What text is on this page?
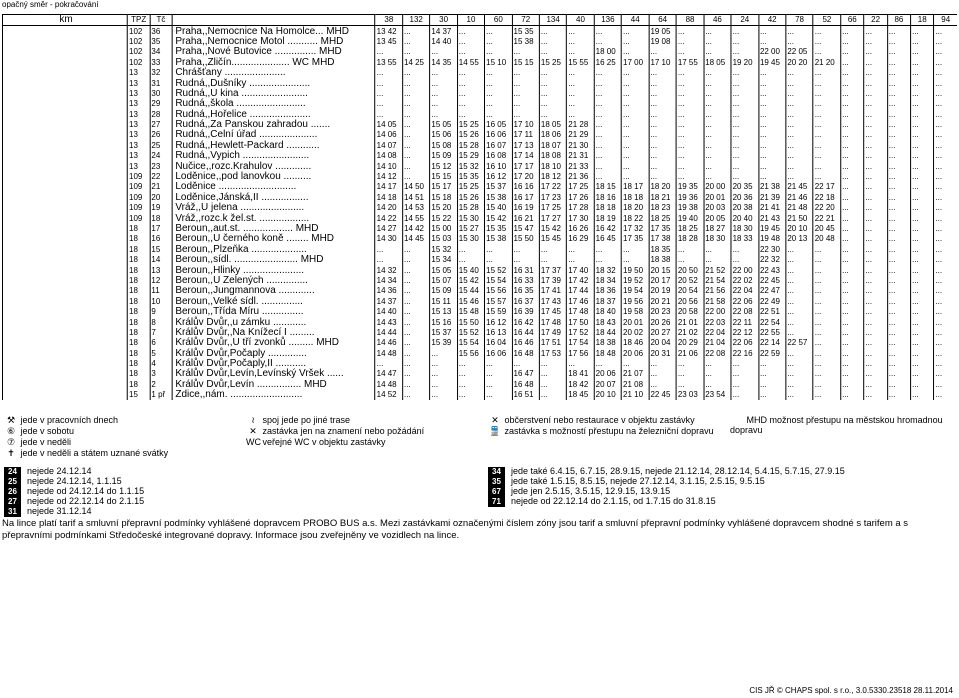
opačný směr - pokračování
km	TPZ	Tč		38	132	30	10	60	72	134	40	136	44	64	88	46	24	42	78	52	66	22	86	18	94
	102	36	Praha,,Nemocnice Na Homolce... MHD	13 42	...	14 37	...	...	15 35	...	...	...	...	19 05	...	...	...	...	...	...	...	...	...	...	...
	102	35	Praha,,Nemocnice Motol ........... MHD	13 45	...	14 40	...	...	15 38	...	...	...	...	19 08	...	...	...	...	...	...	...	...	...	...	...
	102	34	Praha,,Nové Butovice ............... MHD	...	...	...	...	...	...	...	...	18 00	...	...	...	...	...	22 00	22 05	...	...	...	...	...	...
	102	33	Praha,,Zličín..................... WC MHD	13 55	14 25	14 35	14 55	15 10	15 15	15 25	15 55	16 25	17 00	17 10	17 55	18 05	19 20	19 45	20 20	21 20	...	...	...	...	...
	13	32	Chrášťany ......................	...	...	...	...	...	...	...	...	...	...	...	...	...	...	...	...	...	...	...	...	...	...
	13	31	Rudná,,Dušníky ......................	...	...	...	...	...	...	...	...	...	...	...	...	...	...	...	...	...	...	...	...	...	...
	13	30	Rudná,,U kina ........................	...	...	...	...	...	...	...	...	...	...	...	...	...	...	...	...	...	...	...	...	...	...
	13	29	Rudná,,škola .........................	...	...	...	...	...	...	...	...	...	...	...	...	...	...	...	...	...	...	...	...	...	...
	13	28	Rudná,,Hořelice ......................	...	...	...	...	...	...	...	...	...	...	...	...	...	...	...	...	...	...	...	...	...	...
	13	27	Rudná,,Za Panskou zahradou .......	14 05	...	15 05	15 25	16 05	17 10	18 05	21 28	...	...	...	...	...	...	...	...	...	...	...	...	...	...
	13	26	Rudná,,Celní úřad .....................	14 06	...	15 06	15 26	16 06	17 11	18 06	21 29	...	...	...	...	...	...	...	...	...	...	...	...	...	...
	13	25	Rudná,,Hewlett-Packard ............	14 07	...	15 08	15 28	16 07	17 13	18 07	21 30	...	...	...	...	...	...	...	...	...	...	...	...	...	...
	13	24	Rudná,,Vypich ........................	14 08	...	15 09	15 29	16 08	17 14	18 08	21 31	...	...	...	...	...	...	...	...	...	...	...	...	...	...
	13	23	Nučice,,rozc.Krahulov .............	14 10	...	15 12	15 32	16 10	17 17	18 10	21 33	...	...	...	...	...	...	...	...	...	...	...	...	...	...
	109	22	Loděnice,,pod lanovkou ..........	14 12	...	15 15	15 35	16 12	17 20	18 12	21 36	...	...	...	...	...	...	...	...	...	...	...	...	...	...
	109	21	Loděnice ............................	14 17	14 50	15 17	15 25	15 37	16 16	17 22	17 25	18 15	18 17	18 20	19 35	20 00	20 35	21 38	21 45	22 17	...	...	...	...	...
	109	20	Loděnice,Jánská,II .................	14 18	14 51	15 18	15 26	15 38	16 17	17 23	17 26	18 16	18 18	18 21	19 36	20 01	20 36	21 39	21 46	22 18	...	...	...	...	...
	109	19	Vráž,,U jelena .......................	14 20	14 53	15 20	15 28	15 40	16 19	17 25	17 28	18 18	18 20	18 23	19 38	20 03	20 38	21 41	21 48	22 20	...	...	...	...	...
	109	18	Vráž,,rozc.k žel.st. ..................	14 22	14 55	15 22	15 30	15 42	16 21	17 27	17 30	18 19	18 22	18 25	19 40	20 05	20 40	21 43	21 50	22 21	...	...	...	...	...
	18	17	Beroun,,aut.st. .................. MHD	14 27	14 42	15 00	15 27	15 35	15 47	15 42	16 26	16 42	17 32	17 35	18 25	18 27	18 30	19 45	20 10	20 45	...	...	...	...	...
	18	16	Beroun,,U černého koně ........ MHD	14 30	14 45	15 03	15 30	15 38	15 50	15 45	16 29	16 45	17 35	17 38	18 28	18 30	18 33	19 48	20 13	20 48	...	...	...	...	...
	18	15	Beroun,,Plzeňka ....................	...	...	15 32	...	...	...	...	...	...	...	18 35	...	...	...	22 30	...	...	...	...	...	...	...
	18	14	Beroun,,sídl. ....................... MHD	...	...	15 34	...	...	...	...	...	...	...	18 38	...	...	...	22 32	...	...	...	...	...	...	...
	18	13	Beroun,,Hlinky ......................	14 32	...	15 05	15 40	15 52	16 31	17 37	17 40	18 32	19 50	20 15	20 50	21 52	22 00	22 43	...	...	...	...	...	...	...
	18	12	Beroun,,U Zelených ...............	14 34	...	15 07	15 42	15 54	16 33	17 39	17 42	18 34	19 52	20 17	20 52	21 54	22 02	22 45	...	...	...	...	...	...	...
	18	11	Beroun,,Jungmannova .............	14 36	...	15 09	15 44	15 56	16 35	17 41	17 44	18 36	19 54	20 19	20 54	21 56	22 04	22 47	...	...	...	...	...	...	...
	18	10	Beroun,,Velké sídl. ...............	14 37	...	15 11	15 46	15 57	16 37	17 43	17 46	18 37	19 56	20 21	20 56	21 58	22 06	22 49	...	...	...	...	...	...	...
	18	9	Beroun,,Třída Míru ...............	14 40	...	15 13	15 48	15 59	16 39	17 45	17 48	18 40	19 58	20 23	20 58	22 00	22 08	22 51	...	...	...	...	...	...	...
	18	8	Králův Dvůr,,u zámku ............	14 43	...	15 16	15 50	16 12	16 42	17 48	17 50	18 43	20 01	20 26	21 01	22 03	22 11	22 54	...	...	...	...	...	...	...
	18	7	Králův Dvůr,,Na Knížecí I .........	14 44	...	15 37	15 52	16 13	16 44	17 49	17 52	18 44	20 02	20 27	21 02	22 04	22 12	22 55	...	...	...	...	...	...	...
	18	6	Králův Dvůr,,U tří zvonků ......... MHD	14 46	...	15 39	15 54	16 04	16 46	17 51	17 54	18 38	18 46	20 04	20 29	21 04	22 06	22 14	22 57	...	...	...	...	...	...
	18	5	Králův Dvůr,Počaply ..............	14 48	...	...	15 56	16 06	16 48	17 53	17 56	18 48	20 06	20 31	21 06	22 08	22 16	22 59	...	...	...	...	...	...	...
	18	4	Králův Dvůr,Počaply,II ...........	...	...	...	...	...	...	...	...	...	...	...	...	...	...	...	...	...	...	...	...	...	...
	18	3	Králův Dvůr,Levín,Levínský Vršek ......	14 47	...	...	...	...	16 47	...	18 41	20 06	21 07	...	...	...	...	...	...	...	...	...	...	...	...
	18	2	Králův Dvůr,Levín ................ MHD	14 48	...	...	...	...	16 48	...	18 42	20 07	21 08	...	...	...	...	...	...	...	...	...	...	...	...
	15	1 př	Zdice,,nám. ..........................	14 52	...	...	...	...	16 51	...	18 45	20 10	21 10	22 45	23 03	23 54	...	...	...	...	...	...	...	...	...
⚒ jede v pracovních dnech
⑥ jede v sobotu
⑦ jede v neděli
✝ jede v neděli a státem uznané svátky
≀ spoj jede po jiné trase
✕ zastávka jen na znamení nebo požádání
WC veřejné WC v objektu zastávky
✕ občerstvení nebo restaurace v objektu zastávky
🚆 zastávka s možností přestupu na železniční dopravu
MHD možnost přestupu na městskou hromadnou dopravu
24 nejede 24.12.14
25 nejede 24.12.14, 1.1.15
26 nejede od 24.12.14 do 1.1.15
27 nejede od 22.12.14 do 2.1.15
31 nejede 31.12.14
34 jede také 6.4.15, 6.7.15, 28.9.15, nejede 21.12.14, 28.12.14, 5.4.15, 5.7.15, 27.9.15
35 jede také 1.5.15, 8.5.15, nejede 27.12.14, 3.1.15, 2.5.15, 9.5.15
67 jede jen 2.5.15, 3.5.15, 12.9.15, 13.9.15
71 nejede od 22.12.14 do 2.1.15, od 1.7.15 do 31.8.15
Na lince platí tarif a smluvní přepravní podmínky vyhlášené dopravcem PROBO BUS a.s. Mezi zastávkami označenými číslem zóny jsou tarif a smluvní přepravní podmínky vyhlášené dopravcem shodné s tarifem a s přepravními podmínkami Středočeské integrované dopravy. Informace jsou zveřejněny ve vozidlech na lince.
CIS JŘ © CHAPS spol. s r.o., 3.0.5330.23518 28.11.2014
